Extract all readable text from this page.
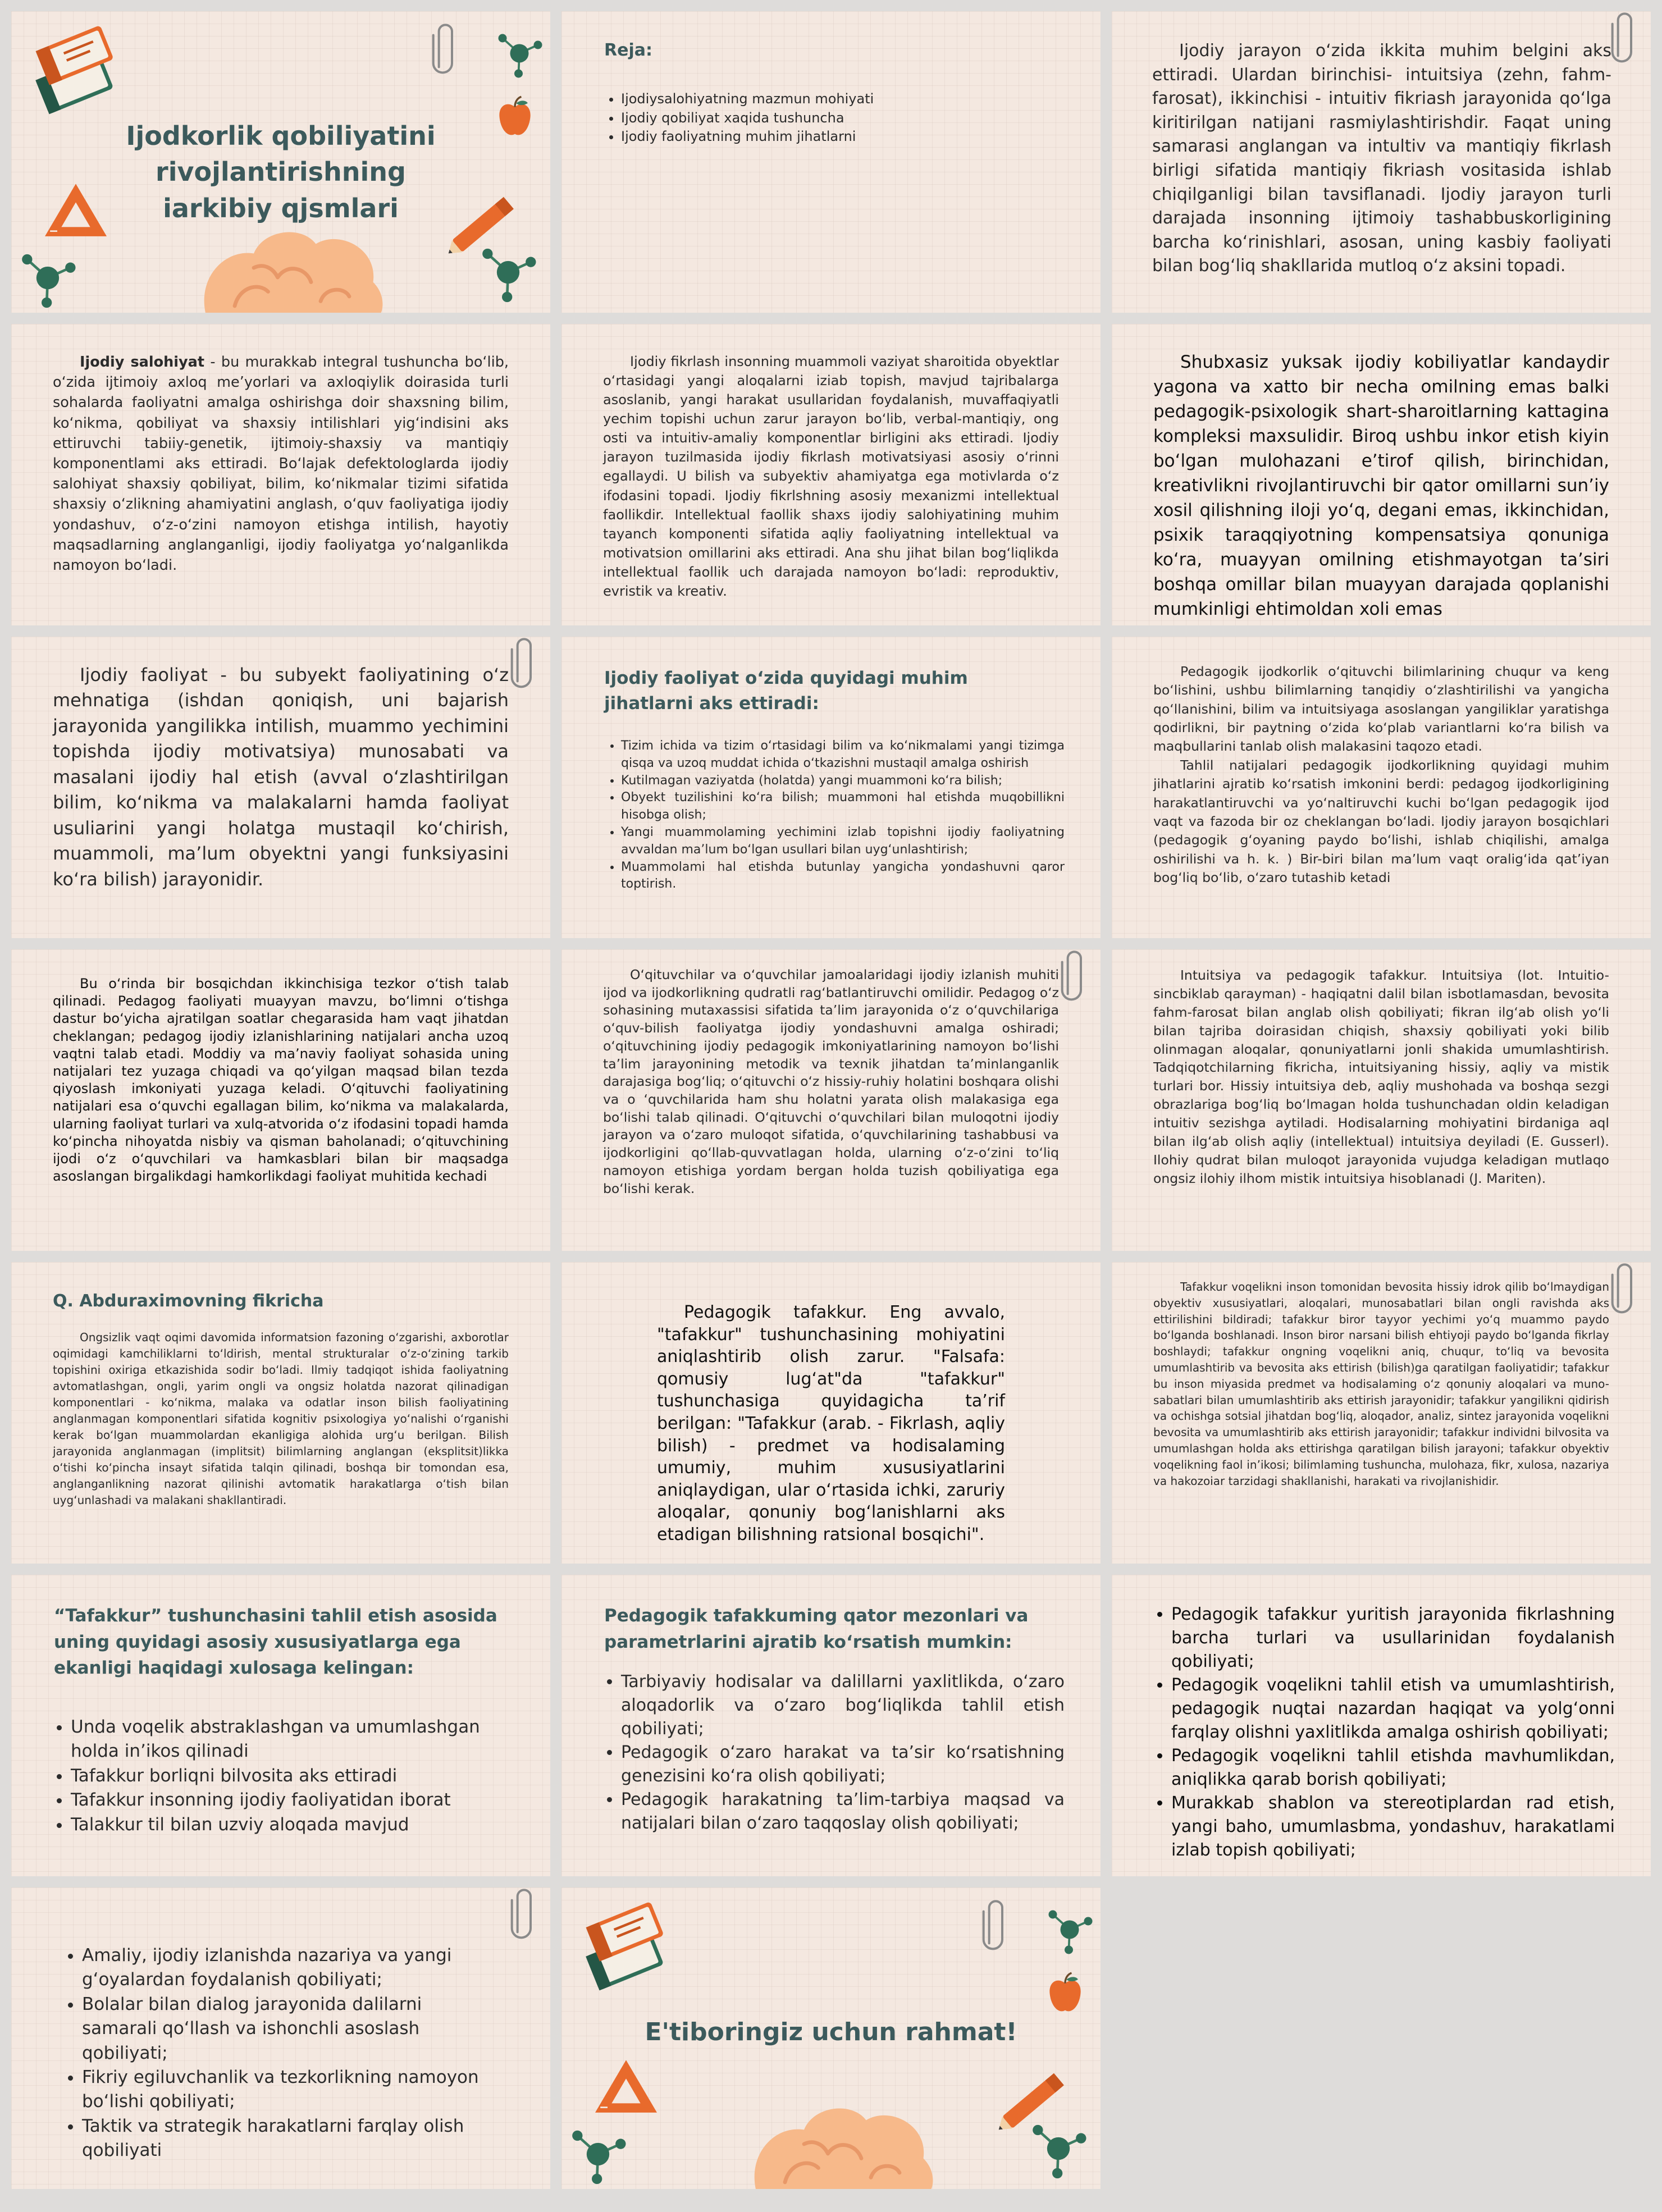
Ijodkorlik qobiliyatini rivojlantirishning iarkibiy qjsmlari
Reja:
• Ijodiysalohiyatning mazmun mohiyati
• Ijodiy qobiliyat xaqida tushuncha
• Ijodiy faoliyatning muhim jihatlarni

Ijodiy jarayon o‘zida ikkita muhim belgini aks ettiradi. Ulardan birinchisi- intuitsiya (zehn, fahm-farosat), ikkinchisi - intuitiv fikriash jarayonida qo‘lga kiritirilgan natijani rasmiylashtirishdir. Faqat uning samarasi anglangan va intultiv va mantiqiy fikrlash birligi sifatida mantiqiy fikriash vositasida ishlab chiqilganligi bilan tavsiflanadi. Ijodiy jarayon turli darajada insonning ijtimoiy tashabbuskorligining barcha ko‘rinishlari, asosan, uning kasbiy faoliyati bilan bog‘liq shakllarida mutloq o‘z aksini topadi.

Ijodiy salohiyat - bu murakkab integral tushuncha bo‘lib, o‘zida ijtimoiy axloq me’yorlari va axloqiylik doirasida turli sohalarda faoliyatni amalga oshirishga doir shaxsning bilim, ko‘nikma, qobiliyat va shaxsiy intilishlari yig‘indisini aks ettiruvchi tabiiy-genetik, ijtimoiy-shaxsiy va mantiqiy komponentlami aks ettiradi. Bo‘lajak defektologlarda ijodiy salohiyat shaxsiy qobiliyat, bilim, ko‘nikmalar tizimi sifatida shaxsiy o‘zlikning ahamiyatini anglash, o‘quv faoliyatiga ijodiy yondashuv, o‘z-o‘zini namoyon etishga intilish, hayotiy maqsadlarning anglanganligi, ijodiy faoliyatga yo‘nalganlikda namoyon bo‘ladi.

Ijodiy fikrlash insonning muammoli vaziyat sharoitida obyektlar o‘rtasidagi yangi aloqalarni iziab topish, mavjud tajribalarga asoslanib, yangi harakat usullaridan foydalanish, muvaffaqiyatli yechim topishi uchun zarur jarayon bo‘lib, verbal-mantiqiy, ong osti va intuitiv-amaliy komponentlar birligini aks ettiradi. Ijodiy jarayon tuzilmasida ijodiy fikrlash motivatsiyasi asosiy o‘rinni egallaydi. U bilish va subyektiv ahamiyatga ega motivlarda o‘z ifodasini topadi. Ijodiy fikrlshning asosiy mexanizmi intellektual faollikdir. Intellektual faollik shaxs ijodiy salohiyatining muhim tayanch komponenti sifatida aqliy faoliyatning intellektual va motivatsion omillarini aks ettiradi. Ana shu jihat bilan bog‘liqlikda intellektual faollik uch darajada namoyon bo‘ladi: reproduktiv, evristik va kreativ.

Shubxasiz yuksak ijodiy kobiliyatlar kandaydir yagona va xatto bir necha omilning emas balki pedagogik-psixologik shart-sharoitlarning kattagina kompleksi maxsulidir. Biroq ushbu inkor etish kiyin bo‘lgan mulohazani e’tirof qilish, birinchidan, kreativlikni rivojlantiruvchi bir qator omillarni sun’iy xosil qilishning iloji yo‘q, degani emas, ikkinchidan, psixik taraqqiyotning kompensatsiya qonuniga ko‘ra, muayyan omilning etishmayotgan ta’siri boshqa omillar bilan muayyan darajada qoplanishi mumkinligi ehtimoldan xoli emas

Ijodiy faoliyat - bu subyekt faoliyatining o‘z mehnatiga (ishdan qoniqish, uni bajarish jarayonida yangilikka intilish, muammo yechimini topishda ijodiy motivatsiya) munosabati va masalani ijodiy hal etish (avval o‘zlashtirilgan bilim, ko‘nikma va malakalarni hamda faoliyat usuliarini yangi holatga mustaqil ko‘chirish, muammoli, ma’lum obyektni yangi funksiyasini ko‘ra bilish) jarayonidir.

Ijodiy faoliyat o‘zida quyidagi muhim jihatlarni aks ettiradi:
• Tizim ichida va tizim o‘rtasidagi bilim va ko‘nikmalami yangi tizimga qisqa va uzoq muddat ichida o‘tkazishni mustaqil amalga oshirish
• Kutilmagan vaziyatda (holatda) yangi muammoni ko‘ra bilish;
• Obyekt tuzilishini ko‘ra bilish; muammoni hal etishda muqobillikni hisobga olish;
• Yangi muammolaming yechimini izlab topishni ijodiy faoliyatning avvaldan ma’lum bo‘lgan usullari bilan uyg‘unlashtirish;
• Muammolami hal etishda butunlay yangicha yondashuvni qaror toptirish.

Pedagogik ijodkorlik o‘qituvchi bilimlarining chuqur va keng bo‘lishini, ushbu bilimlarning tanqidiy o‘zlashtirilishi va yangicha qo‘llanishini, bilim va intuitsiyaga asoslangan yangiliklar yaratishga qodirlikni, bir paytning o‘zida ko‘plab variantlarni ko‘ra bilish va maqbullarini tanlab olish malakasini taqozo etadi.

Tahlil natijalari pedagogik ijodkorlikning quyidagi muhim jihatlarini ajratib ko‘rsatish imkonini berdi: pedagog ijodkorligining harakatlantiruvchi va yo‘naltiruvchi kuchi bo‘lgan pedagogik ijod vaqt va fazoda bir oz cheklangan bo‘ladi. Ijodiy jarayon bosqichlari (pedagogik g‘oyaning paydo bo‘lishi, ishlab chiqilishi, amalga oshirilishi va h. k. ) Bir-biri bilan ma’lum vaqt oralig‘ida qat’iyan bog‘liq bo‘lib, o‘zaro tutashib ketadi

Bu o‘rinda bir bosqichdan ikkinchisiga tezkor o‘tish talab qilinadi. Pedagog faoliyati muayyan mavzu, bo‘limni o‘tishga dastur bo‘yicha ajratilgan soatlar chegarasida ham vaqt jihatdan cheklangan; pedagog ijodiy izlanishlarining natijalari ancha uzoq vaqtni talab etadi. Moddiy va ma’naviy faoliyat sohasida uning natijalari tez yuzaga chiqadi va qo‘yilgan maqsad bilan tezda qiyoslash imkoniyati yuzaga keladi. O‘qituvchi faoliyatining natijalari esa o‘quvchi egallagan bilim, ko‘nikma va malakalarda, ularning faoliyat turlari va xulq-atvorida o‘z ifodasini topadi hamda ko‘pincha nihoyatda nisbiy va qisman baholanadi; o‘qituvchining ijodi o‘z o‘quvchilari va hamkasblari bilan bir maqsadga asoslangan birgalikdagi hamkorlikdagi faoliyat muhitida kechadi

O‘qituvchilar va o‘quvchilar jamoalaridagi ijodiy izlanish muhiti ijod va ijodkorlikning qudratli rag‘batlantiruvchi omilidir. Pedagog o‘z sohasining mutaxassisi sifatida ta’lim jarayonida o‘z o‘quvchilariga o‘quv-bilish faoliyatga ijodiy yondashuvni amalga oshiradi; o‘qituvchining ijodiy pedagogik imkoniyatlarining namoyon bo‘lishi ta’lim jarayonining metodik va texnik jihatdan ta’minlanganlik darajasiga bog‘liq; o‘qituvchi o‘z hissiy-ruhiy holatini boshqara olishi va o ‘quvchilarida ham shu holatni yarata olish malakasiga ega bo‘lishi talab qilinadi. O‘qituvchi o‘quvchilari bilan muloqotni ijodiy jarayon va o‘zaro muloqot sifatida, o‘quvchilarining tashabbusi va ijodkorligini qo‘llab-quvvatlagan holda, ularning o‘z-o‘zini to‘liq namoyon etishiga yordam bergan holda tuzish qobiliyatiga ega bo‘lishi kerak.

Intuitsiya va pedagogik tafakkur. Intuitsiya (lot. Intuitio-sincbiklab qarayman) - haqiqatni dalil bilan isbotlamasdan, bevosita fahm-farosat bilan anglab olish qobiliyati; fikran ilg‘ab olish yo‘li bilan tajriba doirasidan chiqish, shaxsiy qobiliyati yoki bilib olinmagan aloqalar, qonuniyatlarni jonli shakida umumlashtirish. Tadqiqotchilarning fikricha, intuitsiyaning hissiy, aqliy va mistik turlari bor. Hissiy intuitsiya deb, aqliy mushohada va boshqa sezgi obrazlariga bog‘liq bo‘lmagan holda tushunchadan oldin keladigan intuitiv sezishga aytiladi. Hodisalarning mohiyatini birdaniga aql bilan ilg‘ab olish aqliy (intellektual) intuitsiya deyiladi (E. Gusserl). Ilohiy qudrat bilan muloqot jarayonida vujudga keladigan mutlaqo ongsiz ilohiy ilhom mistik intuitsiya hisoblanadi (J. Mariten).

Q. Abduraximovning fikricha

Ongsizlik vaqt oqimi davomida informatsion fazoning o‘zgarishi, axborotlar oqimidagi kamchiliklarni to‘ldirish, mental strukturalar o‘z-o‘zining tarkib topishini oxiriga etkazishida sodir bo‘ladi. Ilmiy tadqiqot ishida faoliyatning avtomatlashgan, ongli, yarim ongli va ongsiz holatda nazorat qilinadigan komponentlari - ko‘nikma, malaka va odatlar inson bilish faoliyatining anglanmagan komponentlari sifatida kognitiv psixologiya yo‘nalishi o‘rganishi kerak bo‘lgan muammolardan ekanligiga alohida urg‘u berilgan. Bilish jarayonida anglanmagan (implitsit) bilimlarning anglangan (eksplitsit)likka o‘tishi ko‘pincha insayt sifatida talqin qilinadi, boshqa bir tomondan esa, anglanganlikning nazorat qilinishi avtomatik harakatlarga o‘tish bilan uyg‘unlashadi va malakani shakllantiradi.

Pedagogik tafakkur. Eng avvalo, "tafakkur" tushunchasining mohiyatini aniqlashtirib olish zarur. "Falsafa: qomusiy lug‘at"da "tafakkur" tushunchasiga quyidagicha ta’rif berilgan: "Tafakkur (arab. - Fikrlash, aqliy bilish) - predmet va hodisalaming umumiy, muhim xususiyatlarini aniqlaydigan, ular o‘rtasida ichki, zaruriy aloqalar, qonuniy bog‘lanishlarni aks etadigan bilishning ratsional bosqichi".

Tafakkur voqelikni inson tomonidan bevosita hissiy idrok qilib bo‘lmaydigan obyektiv xususiyatlari, aloqalari, munosabatlari bilan ongli ravishda aks ettirilishini bildiradi; tafakkur biror tayyor yechimi yo‘q muammo paydo bo‘lganda boshlanadi. Inson biror narsani bilish ehtiyoji paydo bo‘lganda fikrlay boshlaydi; tafakkur ongning voqelikni aniq, chuqur, to‘liq va bevosita umumlashtirib va bevosita aks ettirish (bilish)ga qaratilgan faoliyatidir; tafakkur bu inson miyasida predmet va hodisalaming o‘z qonuniy aloqalari va muno-sabatlari bilan umumlashtirib aks ettirish jarayonidir; tafakkur yangilikni qidirish va ochishga sotsial jihatdan bog‘liq, aloqador, analiz, sintez jarayonida voqelikni bevosita va umumlashtirib aks ettirish jarayonidir; tafakkur individni bilvosita va umumlashgan holda aks ettirishga qaratilgan bilish jarayoni; tafakkur obyektiv voqelikning faol in’ikosi; bilimlaming tushuncha, mulohaza, fikr, xulosa, nazariya va hakozoiar tarzidagi shakllanishi, harakati va rivojlanishidir.

“Tafakkur” tushunchasini tahlil etish asosida uning quyidagi asosiy xususiyatlarga ega ekanligi haqidagi xulosaga kelingan:
• Unda voqelik abstraklashgan va umumlashgan holda in’ikos qilinadi
• Tafakkur borliqni bilvosita aks ettiradi
• Tafakkur insonning ijodiy faoliyatidan iborat
• Talakkur til bilan uzviy aloqada mavjud
Pedagogik tafakkuming qator mezonlari va parametrlarini ajratib ko‘rsatish mumkin:
• Tarbiyaviy hodisalar va dalillarni yaxlitlikda, o‘zaro aloqadorlik va o‘zaro bog‘liqlikda tahlil etish qobiliyati;
• Pedagogik o‘zaro harakat va ta’sir ko‘rsatishning genezisini ko‘ra olish qobiliyati;
• Pedagogik harakatning ta’lim-tarbiya maqsad va natijalari bilan o‘zaro taqqoslay olish qobiliyati;
• Pedagogik tafakkur yuritish jarayonida fikrlashning barcha turlari va usullarinidan foydalanish qobiliyati;
• Pedagogik voqelikni tahlil etish va umumlashtirish, pedagogik nuqtai nazardan haqiqat va yolg‘onni farqlay olishni yaxlitlikda amalga oshirish qobiliyati;
• Pedagogik voqelikni tahlil etishda mavhumlikdan, aniqlikka qarab borish qobiliyati;
• Murakkab shablon va stereotiplardan rad etish, yangi baho, umumlasbma, yondashuv, harakatlami izlab topish qobiliyati;
• Amaliy, ijodiy izlanishda nazariya va yangi g‘oyalardan foydalanish qobiliyati;
• Bolalar bilan dialog jarayonida dalilarni samarali qo‘llash va ishonchli asoslash qobiliyati;
• Fikriy egiluvchanlik va tezkorlikning namoyon bo‘lishi qobiliyati;
• Taktik va strategik harakatlarni farqlay olish qobiliyati
E'tiboringiz uchun rahmat!
